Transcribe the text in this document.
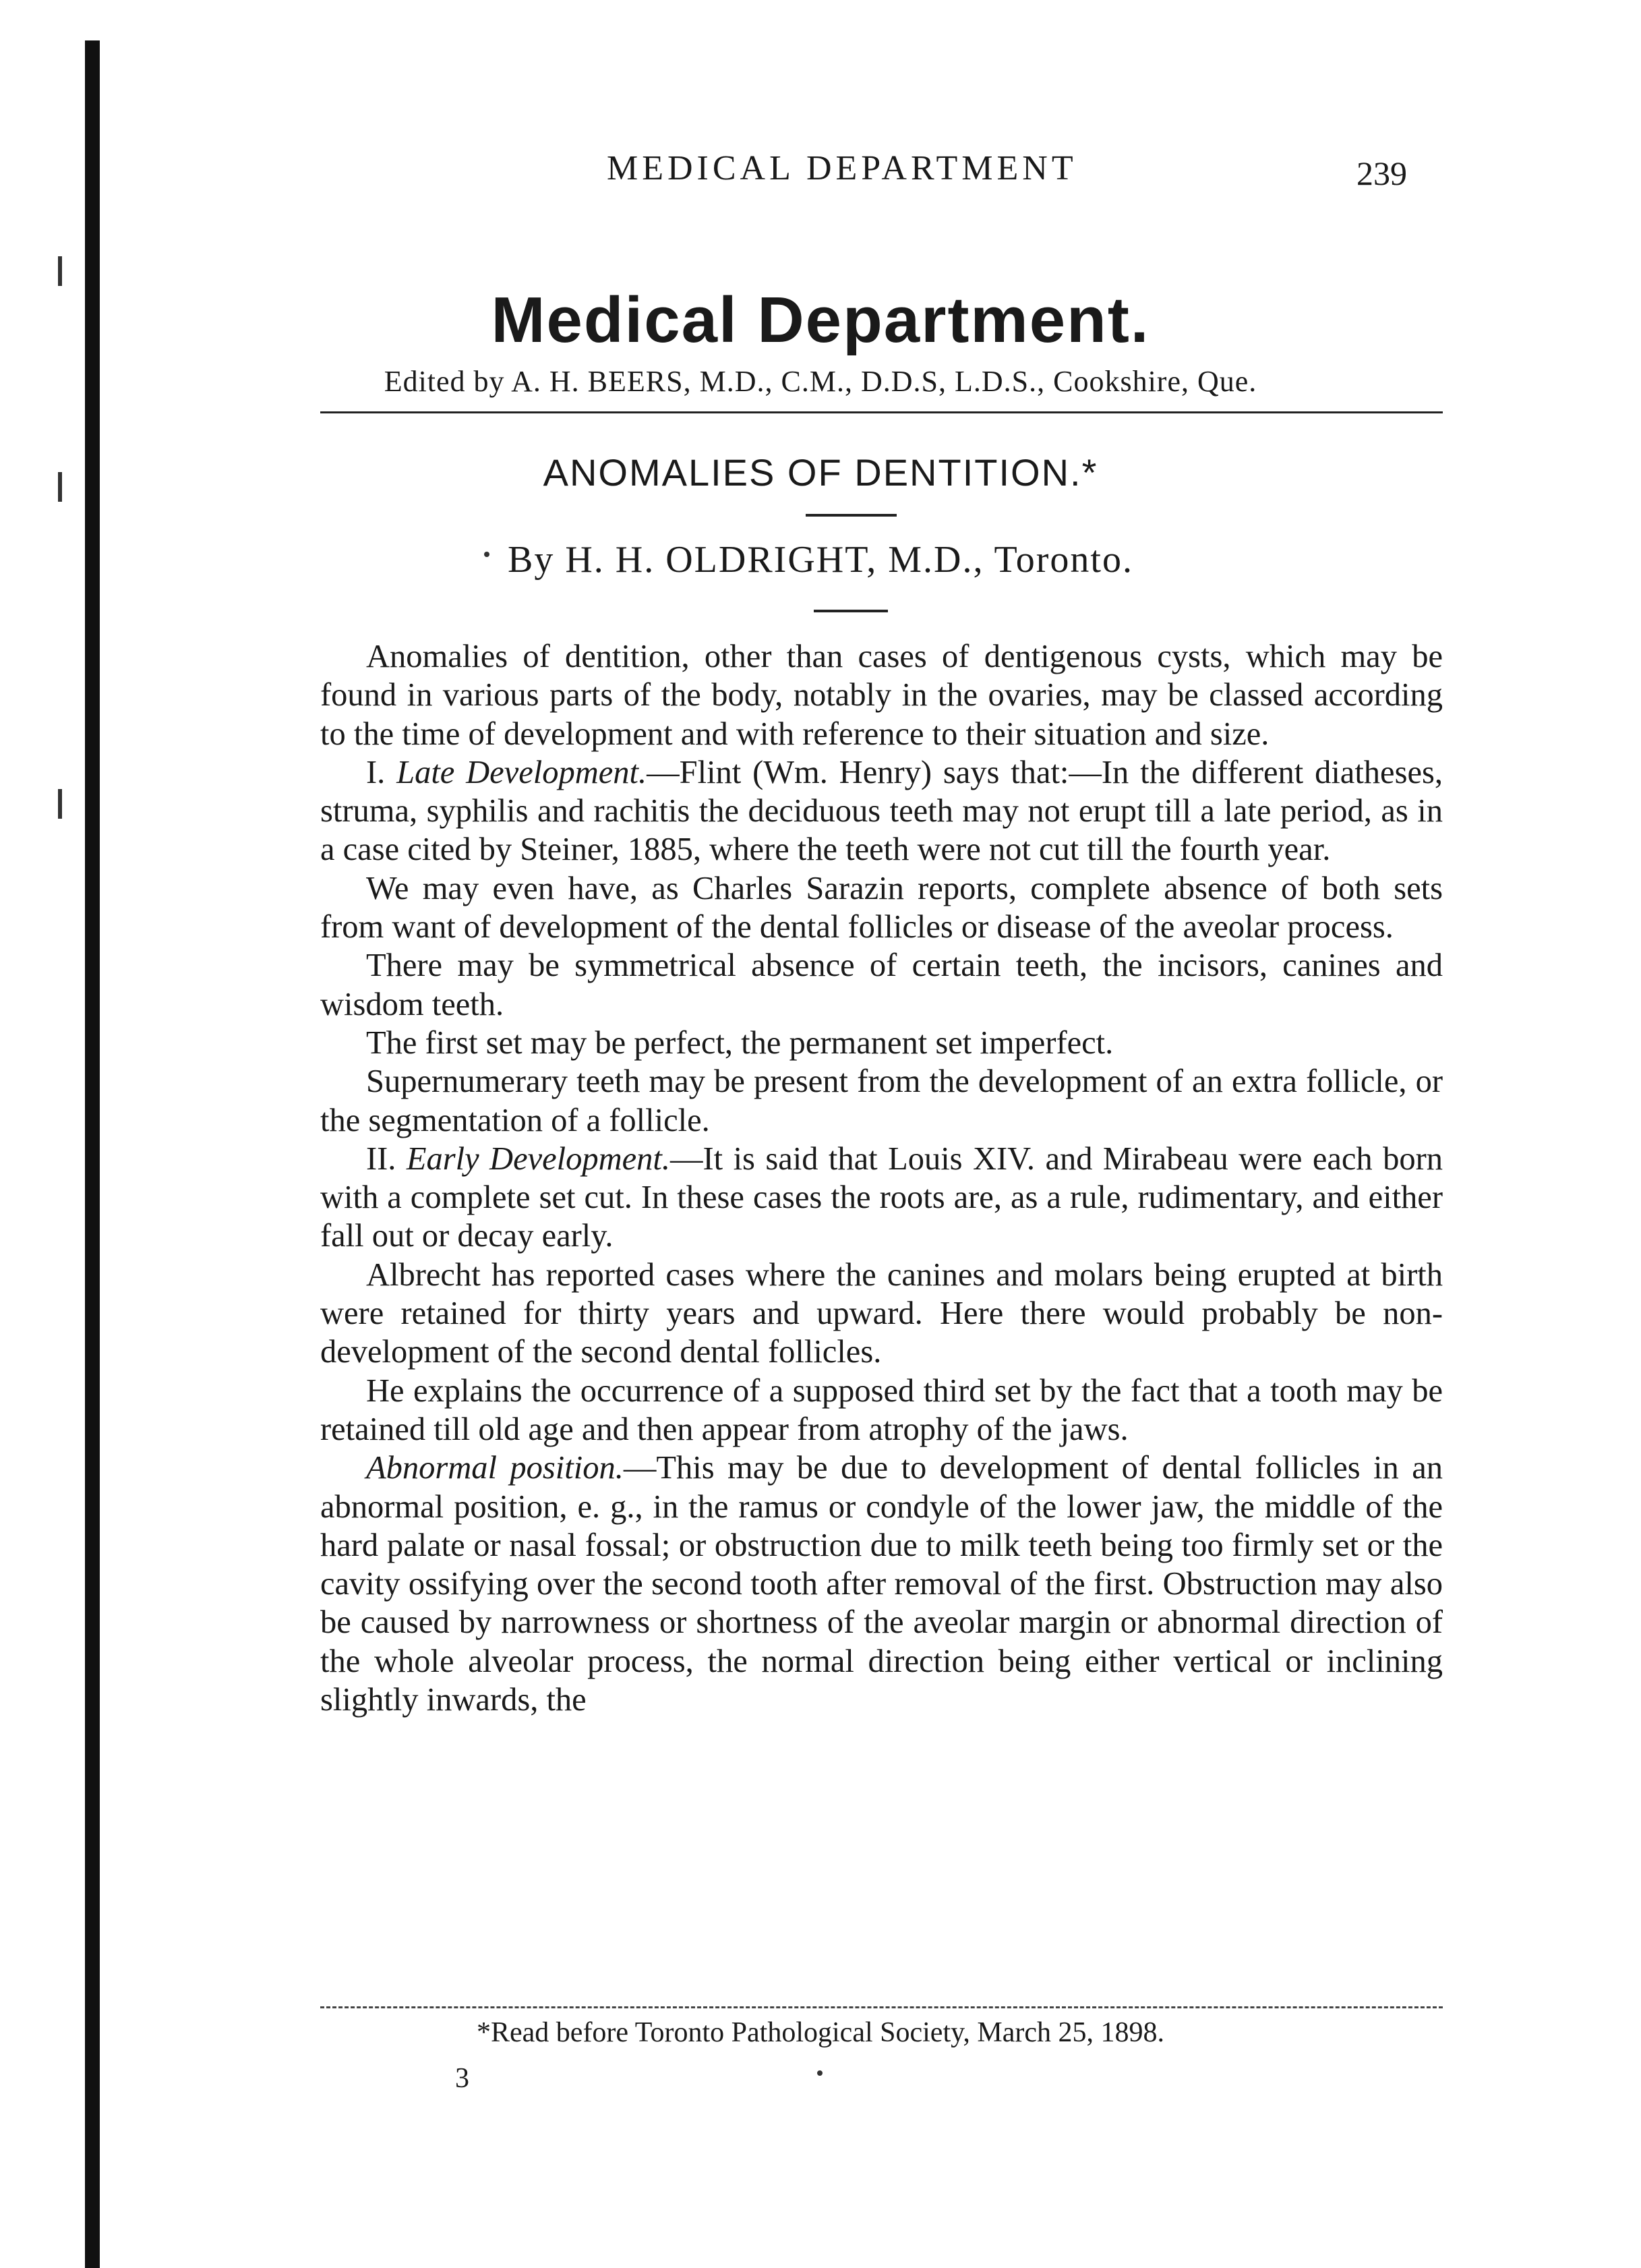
MEDICAL DEPARTMENT	239
Medical Department.
Edited by A. H. BEERS, M.D., C.M., D.D.S, L.D.S., Cookshire, Que.
ANOMALIES OF DENTITION.*
By H. H. OLDRIGHT, M.D., Toronto.

Anomalies of dentition, other than cases of dentigenous cysts, which may be found in various parts of the body, notably in the ovaries, may be classed according to the time of development and with reference to their situation and size.

I. Late Development.—Flint (Wm. Henry) says that:—In the different diatheses, struma, syphilis and rachitis the deciduous teeth may not erupt till a late period, as in a case cited by Steiner, 1885, where the teeth were not cut till the fourth year.

We may even have, as Charles Sarazin reports, complete absence of both sets from want of development of the dental follicles or disease of the aveolar process.

There may be symmetrical absence of certain teeth, the incisors, canines and wisdom teeth.

The first set may be perfect, the permanent set imperfect.

Supernumerary teeth may be present from the development of an extra follicle, or the segmentation of a follicle.

II. Early Development.—It is said that Louis XIV. and Mirabeau were each born with a complete set cut. In these cases the roots are, as a rule, rudimentary, and either fall out or decay early.

Albrecht has reported cases where the canines and molars being erupted at birth were retained for thirty years and upward. Here there would probably be non-development of the second dental follicles.

He explains the occurrence of a supposed third set by the fact that a tooth may be retained till old age and then appear from atrophy of the jaws.

Abnormal position.—This may be due to development of dental follicles in an abnormal position, e. g., in the ramus or condyle of the lower jaw, the middle of the hard palate or nasal fossal; or obstruction due to milk teeth being too firmly set or the cavity ossifying over the second tooth after removal of the first. Obstruction may also be caused by narrowness or shortness of the aveolar margin or abnormal direction of the whole alveolar process, the normal direction being either vertical or inclining slightly inwards, the

*Read before Toronto Pathological Society, March 25, 1898.
3
